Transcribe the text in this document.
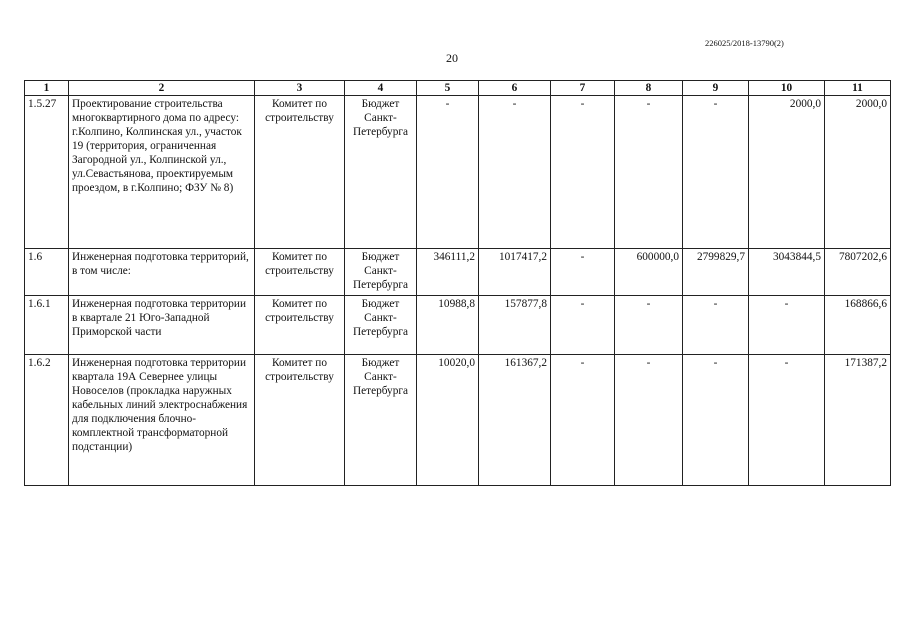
226025/2018-13790(2)
20
1	2	3	4	5	6	7	8	9	10	11
1.5.27	Проектирование строительства многоквартирного дома по адресу: г.Колпино, Колпинская ул., участок 19 (территория, ограниченная Загородной ул., Колпинской ул., ул.Севастьянова, проектируемым проездом, в г.Колпино; ФЗУ № 8)	Комитет по строительству	Бюджет Санкт-Петербурга	-	-	-	-	-	2000,0	2000,0
1.6	Инженерная подготовка территорий, в том числе:	Комитет по строительству	Бюджет Санкт-Петербурга	346111,2	1017417,2	-	600000,0	2799829,7	3043844,5	7807202,6
1.6.1	Инженерная подготовка территории в квартале 21 Юго-Западной Приморской части	Комитет по строительству	Бюджет Санкт-Петербурга	10988,8	157877,8	-	-	-	-	168866,6
1.6.2	Инженерная подготовка территории квартала 19А Севернее улицы Новоселов (прокладка наружных кабельных линий электроснабжения для подключения блочно-комплектной трансформаторной подстанции)	Комитет по строительству	Бюджет Санкт-Петербурга	10020,0	161367,2	-	-	-	-	171387,2
